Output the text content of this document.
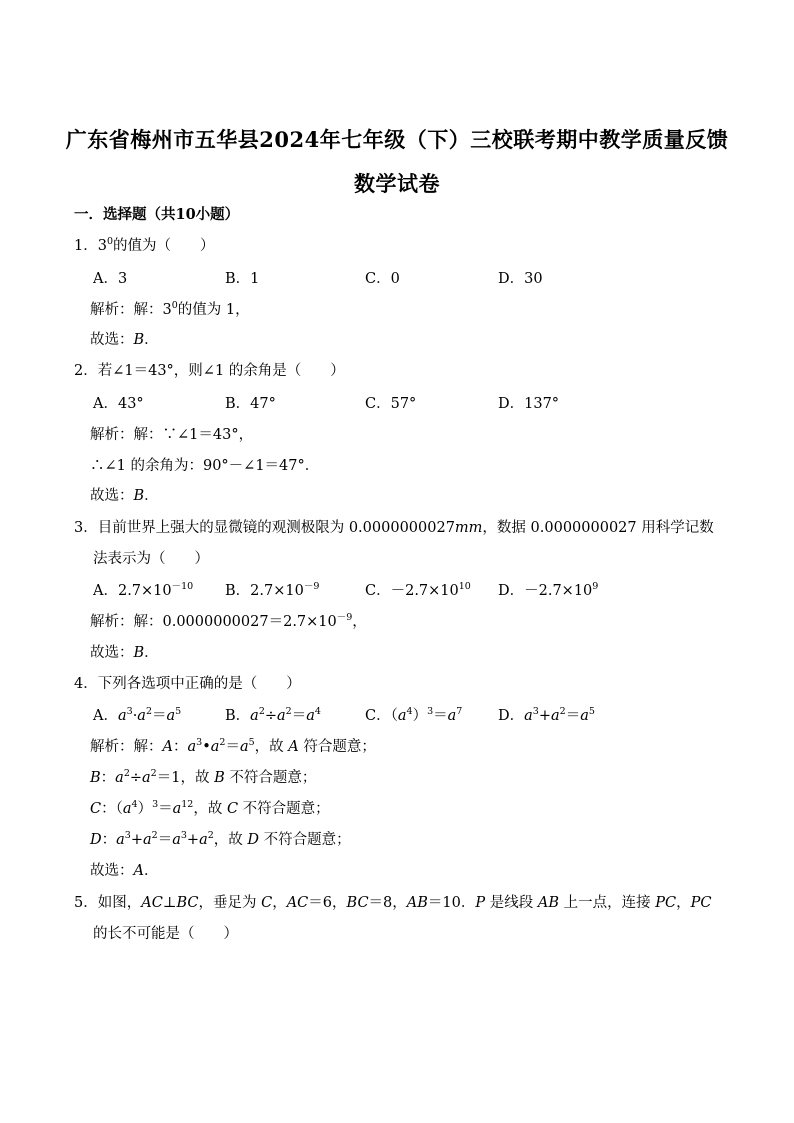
广东省梅州市五华县2024年七年级（下）三校联考期中教学质量反馈
数学试卷
一．选择题（共10小题）
1．$3^0$的值为（　　）
A．3	B．1	C．0	D．30
解析：解：$3^0$的值为 1，
故选：B．
2．若∠1＝43°，则∠1 的余角是（　　）
A．43°	B．47°	C．57°	D．137°
解析：解：∵∠1＝43°，
∴∠1 的余角为：90°－∠1＝47°．
故选：B．
3．目前世界上强大的显微镜的观测极限为 0.0000000027mm，数据 0.0000000027 用科学记数
法表示为（　　）
A．$2.7\times 10^{-10}$ B．$2.7\times 10^{-9}$	C．$-2.7\times 10^{10}$ D．$-2.7\times 10^9$
解析：解：$0.0000000027=2.7\times 10^{-9}$，
故选：B．
4．下列各选项中正确的是（　　）
A．$a^3\cdot a^2=a^5$	B．$a^2\div a^2=a^4$	C．$(a^4)^3=a^7$ D．$a^3+a^2=a^5$
解析：解：A：$a^3•a^2=a^5$，故 A 符合题意；
B：$a^2\div a^2=1$，故 B 不符合题意；
C：$(a^4)^3=a^{12}$，故 C 不符合题意；
D：$a^3+a^2=a^3+a^2$，故 D 不符合题意；
故选：A．
5．如图，AC⊥BC，垂足为 C，AC＝6，BC＝8，AB＝10．P 是线段 AB 上一点，连接 PC，PC
的长不可能是（　　）
